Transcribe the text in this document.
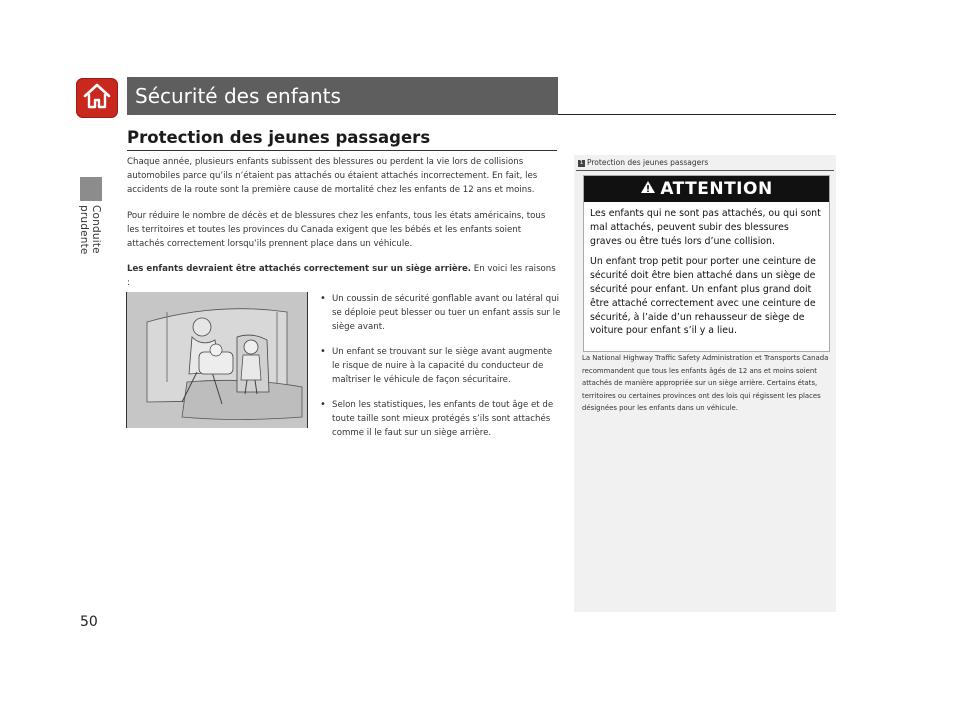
Conduite prudente
Sécurité des enfants
Protection des jeunes passagers
Chaque année, plusieurs enfants subissent des blessures ou perdent la vie lors de collisions automobiles parce qu’ils n’étaient pas attachés ou étaient attachés incorrectement. En fait, les accidents de la route sont la première cause de mortalité chez les enfants de 12 ans et moins.
Pour réduire le nombre de décès et de blessures chez les enfants, tous les états américains, tous les territoires et toutes les provinces du Canada exigent que les bébés et les enfants soient attachés correctement lorsqu’ils prennent place dans un véhicule.
Les enfants devraient être attachés correctement sur un siège arrière. En voici les raisons :
• Un coussin de sécurité gonflable avant ou latéral qui se déploie peut blesser ou tuer un enfant assis sur le siège avant.
• Un enfant se trouvant sur le siège avant augmente le risque de nuire à la capacité du conducteur de maîtriser le véhicule de façon sécuritaire.
• Selon les statistiques, les enfants de tout âge et de toute taille sont mieux protégés s’ils sont attachés comme il le faut sur un siège arrière.
1 Protection des jeunes passagers
ATTENTION

Les enfants qui ne sont pas attachés, ou qui sont mal attachés, peuvent subir des blessures graves ou être tués lors d’une collision.

Un enfant trop petit pour porter une ceinture de sécurité doit être bien attaché dans un siège de sécurité pour enfant. Un enfant plus grand doit être attaché correctement avec une ceinture de sécurité, à l’aide d’un rehausseur de siège de voiture pour enfant s’il y a lieu.

La National Highway Traffic Safety Administration et Transports Canada recommandent que tous les enfants âgés de 12 ans et moins soient attachés de manière appropriée sur un siège arrière. Certains états, territoires ou certaines provinces ont des lois qui régissent les places désignées pour les enfants dans un véhicule.
50
